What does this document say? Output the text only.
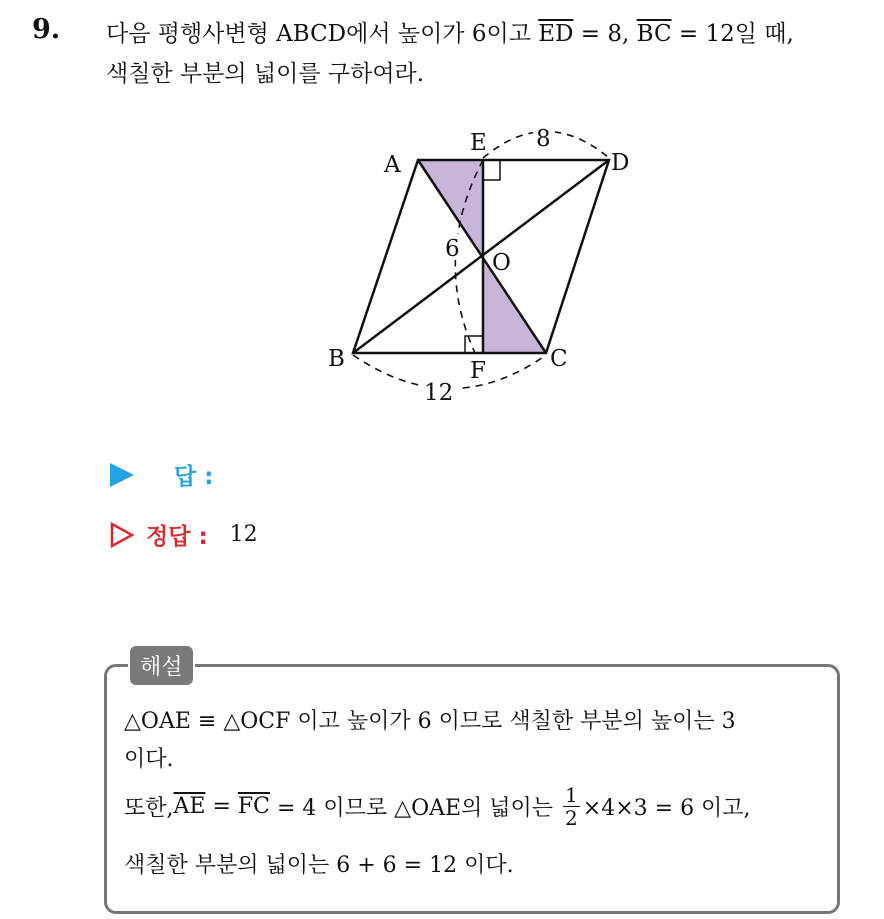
9. 다음 평행사변형 ABCD에서 높이가 6이고 $\overline{ED} = 8$, $\overline{BC} = 12$일 때,
색칠한 부분의 넓이를 구하여라.
A
E
D
O
B	C
F
8
6
12
답 :
정답 : 12
해설
△OAE ≡ △OCF 이고 높이가 6 이므로 색칠한 부분의 높이는 3
이다.
또한, $\overline{AE} = \overline{FC} = 4$ 이므로 △OAE의 넓이는 $\frac{1}{2} \times 4\times 3 = 6$ 이고,
색칠한 부분의 넓이는 6 + 6 = 12 이다.
